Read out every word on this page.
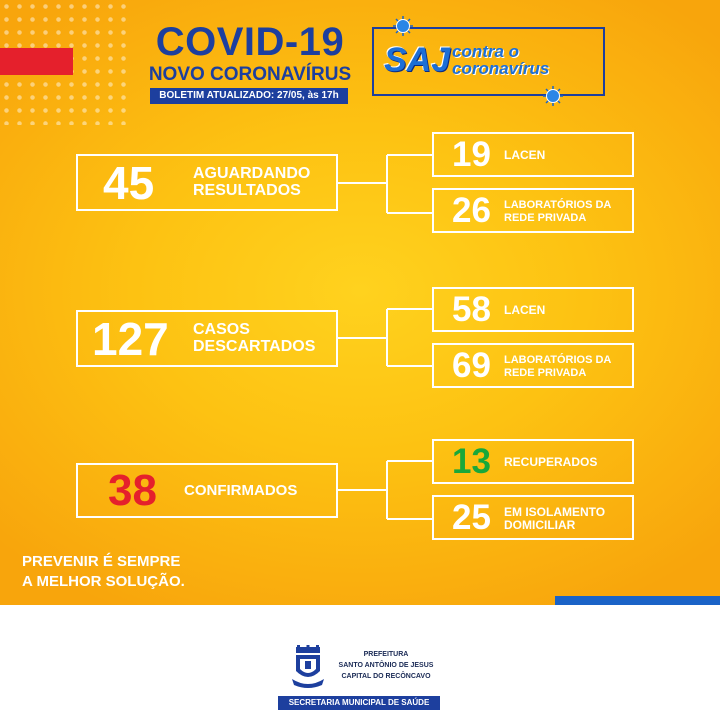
COVID-19
NOVO CORONAVÍRUS
BOLETIM ATUALIZADO: 27/05, às 17h
SAJ contra o
coronavírus
45 AGUARDANDO
RESULTADOS
19 LACEN
26 LABORATÓRIOS DA
REDE PRIVADA
127 CASOS
DESCARTADOS
58 LACEN
69 LABORATÓRIOS DA
REDE PRIVADA
38 CONFIRMADOS
13 RECUPERADOS
25 EM ISOLAMENTO
DOMICILIAR
PREVENIR É SEMPRE
A MELHOR SOLUÇÃO.
PREFEITURA
SANTO ANTÔNIO DE JESUS
CAPITAL DO RECÔNCAVO
SECRETARIA MUNICIPAL DE SAÚDE
